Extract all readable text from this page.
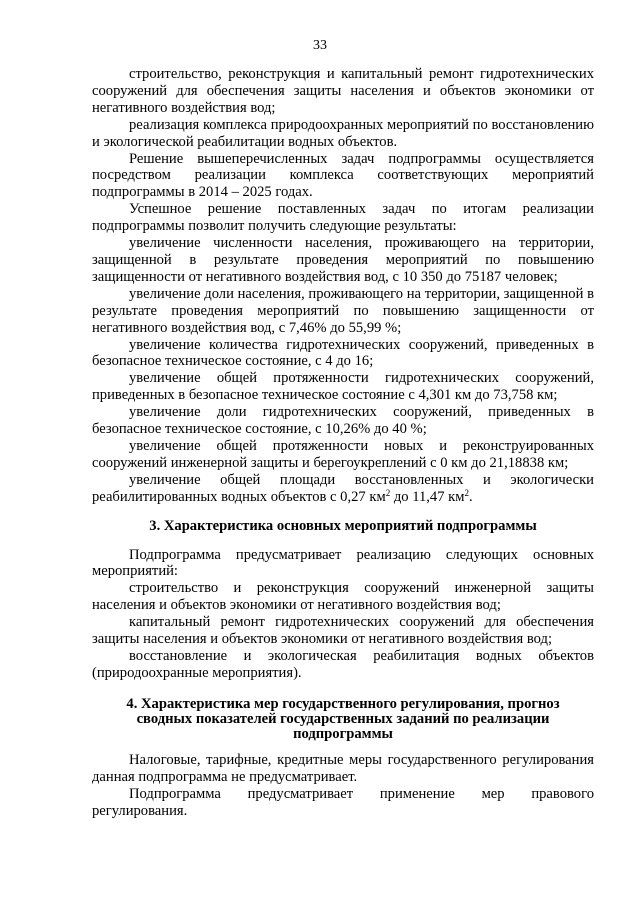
33

строительство, реконструкция и капитальный ремонт гидротехнических сооружений для обеспечения защиты населения и объектов экономики от негативного воздействия вод;

реализация комплекса природоохранных мероприятий по восстановлению и экологической реабилитации водных объектов.

Решение вышеперечисленных задач подпрограммы осуществляется посредством реализации комплекса соответствующих мероприятий подпрограммы в 2014 – 2025 годах.

Успешное решение поставленных задач по итогам реализации подпрограммы позволит получить следующие результаты:

увеличение численности населения, проживающего на территории, защищенной в результате проведения мероприятий по повышению защищенности от негативного воздействия вод, с 10 350 до 75187 человек;

увеличение доли населения, проживающего на территории, защищенной в результате проведения мероприятий по повышению защищенности от негативного воздействия вод, с 7,46% до 55,99 %;

увеличение количества гидротехнических сооружений, приведенных в безопасное техническое состояние, с 4 до 16;

увеличение общей протяженности гидротехнических сооружений, приведенных в безопасное техническое состояние с 4,301 км до 73,758 км;

увеличение доли гидротехнических сооружений, приведенных в безопасное техническое состояние, с 10,26% до 40 %;

увеличение общей протяженности новых и реконструированных сооружений инженерной защиты и берегоукреплений с 0 км до 21,18838 км;

увеличение общей площади восстановленных и экологически реабилитированных водных объектов с 0,27 $км^2$ до 11,47 $км^2$.

3. Характеристика основных мероприятий подпрограммы

Подпрограмма предусматривает реализацию следующих основных мероприятий:

строительство и реконструкция сооружений инженерной защиты населения и объектов экономики от негативного воздействия вод;

капитальный ремонт гидротехнических сооружений для обеспечения защиты населения и объектов экономики от негативного воздействия вод;

восстановление и экологическая реабилитация водных объектов (природоохранные мероприятия).

4. Характеристика мер государственного регулирования, прогноз
сводных показателей государственных заданий по реализации
подпрограммы

Налоговые, тарифные, кредитные меры государственного регулирования данная подпрограмма не предусматривает.

Подпрограмма предусматривает применение мер правового регулирования.
